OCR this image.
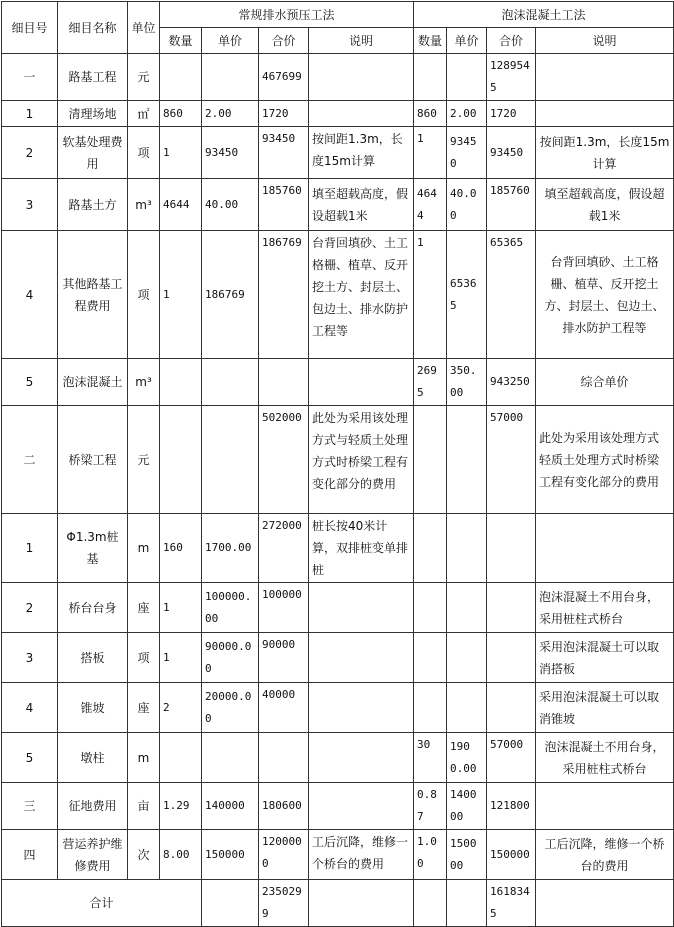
细目号	细目名称	单位	常规排水预压工法				泡沫混凝土工法			
			数量	单价	合价	说明	数量	单价	合价	说明
一	路基工程	元			467699				1289545	
1	清理场地	㎡	860	2.00	1720		860	2.00	1720	
2	软基处理费用	项	1	93450	93450	按间距1.3m，长度15m计算	1	93450	93450	按间距1.3m，长度15m计算
3	路基土方	m³	4644	40.00	185760	填至超载高度，假设超载1米	4644	40.00	185760	填至超载高度，假设超载1米
4	其他路基工程费用	项	1	186769	186769	台背回填砂、土工格栅、植草、反开挖土方、封层土、包边土、排水防护工程等	1	65365	65365	台背回填砂、土工格栅、植草、反开挖土方、封层土、包边土、排水防护工程等
5	泡沫混凝土	m³					2695	350.00	943250	综合单价
二	桥梁工程	元			502000	此处为采用该处理方式与轻质土处理方式时桥梁工程有变化部分的费用			57000	此处为采用该处理方式轻质土处理方式时桥梁工程有变化部分的费用
1	Φ1.3m桩基	m	160	1700.00	272000	桩长按40米计算，双排桩变单排桩				
2	桥台台身	座	1	100000.00	100000					泡沫混凝土不用台身，采用桩柱式桥台
3	搭板	项	1	90000.00	90000					采用泡沫混凝土可以取消搭板
4	锥坡	座	2	20000.00	40000					采用泡沫混凝土可以取消锥坡
5	墩柱	m					30	1900.00	57000	泡沫混凝土不用台身，采用桩柱式桥台
三	征地费用	亩	1.29	140000	180600		0.87	140000	121800	
四	营运养护维修费用	次	8.00	150000	1200000	工后沉降，维修一个桥台的费用	1.00	150000	150000	工后沉降，维修一个桥台的费用
合计					2350299				1618345	
